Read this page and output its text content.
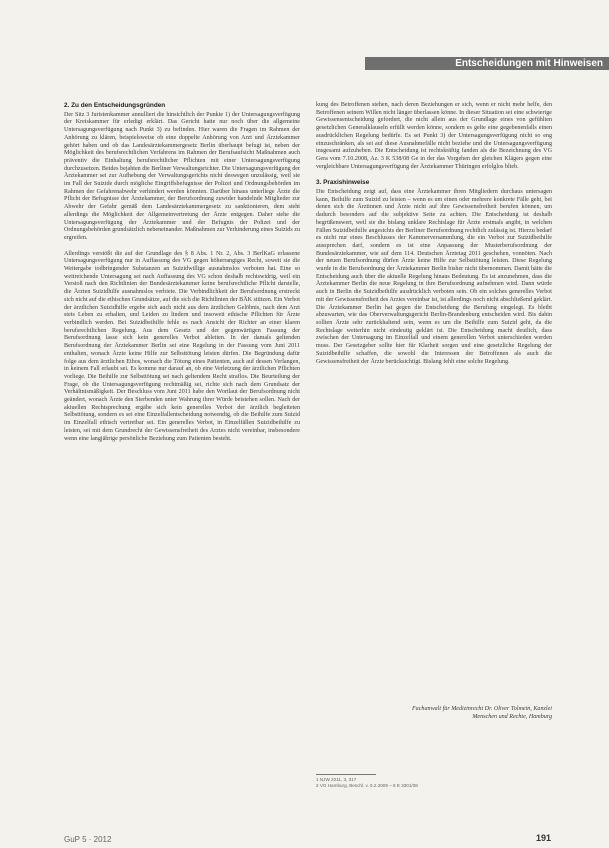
Entscheidungen mit Hinweisen
2. Zu den Entscheidungsgründen

Der Sitz 3 Juristenkammer annulliert die hinsichtlich der Punkte 1) der Untersagungsverfügung der Kreiskammer für erledigt erklärt. Das Gericht hatte nur noch über die allgemeine Untersagungsverfügung nach Punkt 3) zu befinden. Hier waren die Fragen im Rahmen der Anhörung zu klären, beispielsweise ob eine doppelte Anhörung von Arzt und Ärztekammer gehört haben und ob das Landesärztekammergesetz Berlin überhaupt befugt ist, neben der Möglichkeit des berufsrechtlichen Verfahrens im Rahmen der Berufsaufsicht Maßnahmen auch präventiv die Einhaltung berufsrechtlicher Pflichten mit einer Untersagungsverfügung durchzusetzen. Beides bejahten die Berliner Verwaltungsrichter. Die Untersagungsverfügung der Ärztekammer sei zur Aufhebung der Verwaltungsgerichts nicht deswegen unzulässig, weil sie im Fall der Suizide durch mögliche Eingriffsbefugnisse der Polizei und Ordnungsbehörden im Rahmen der Gefahrenabwehr verhindert werden könnten. Darüber hinaus unterliege Ärzte die Pflicht der Befugnisse der Ärztekammer, der Berufsordnung zuwider handelnde Mitglieder zur Abwehr der Gefahr gemäß dem Landesärztekammergesetz zu sanktionieren, dem steht allerdings die Möglichkeit der Allgemeinvertretung der Ärzte entgegen. Daher stehe die Untersagungsverfügung der Ärztekammer und der Befugnis der Polizei und der Ordnungsbehörden grundsätzlich nebeneinander. Maßnahmen zur Verhinderung eines Suizids zu ergreifen.

Allerdings verstößt die auf der Grundlage des § 8 Abs. 1 Nr. 2, Abs. 3 BerlKaG erlassene Untersagungsverfügung nur in Auffassung des VG gegen höherrangiges Recht, soweit sie die Weitergabe todbringender Substanzen an Suizidwillige ausnahmslos verboten hat. Eine so weitreichende Untersagung sei nach Auffassung des VG schon deshalb rechtswidrig, weil ein Verstoß nach den Richtlinien der Bundesärztekammer keine berufsrechtliche Pflicht darstelle, die Ärzten Suizidhilfe ausnahmslos verbiete. Die Verbindlichkeit der Berufsordnung erstreckt sich nicht auf die ethischen Grundsätze, auf die sich die Richtlinien der BÄK stützen. Ein Verbot der ärztlichen Suizidhilfe ergebe sich auch nicht aus dem ärztlichen Gelöbnis, nach dem Arzt stets Leben zu erhalten, und Leiden zu lindern und insoweit ethische Pflichten für Ärzte verbindlich werden. Bei Suizidbeihilfe fehle es nach Ansicht der Richter an einer klaren berufsrechtlichen Regelung. Aus dem Gesetz und der gegenwärtigen Fassung der Berufsordnung lasse sich kein generelles Verbot ableiten. In der damals geltenden Berufsordnung der Ärztekammer Berlin sei eine Regelung in der Fassung vom Juni 2011 enthalten, wonach Ärzte keine Hilfe zur Selbsttötung leisten dürfen. Die Begründung dafür folge aus dem ärztlichen Ethos, wonach die Tötung eines Patienten, auch auf dessen Verlangen, in keinem Fall erlaubt sei. Es komme nur darauf an, ob eine Verletzung der ärztlichen Pflichten vorliege. Die Beihilfe zur Selbsttötung sei nach geltendem Recht straflos. Die Beurteilung der Frage, ob die Untersagungsverfügung rechtmäßig sei, richte sich nach dem Grundsatz der Verhältnismäßigkeit. Der Beschluss vom Juni 2011 habe den Wortlaut der Berufsordnung nicht geändert, wonach Ärzte den Sterbenden unter Wahrung ihrer Würde beistehen sollen. Nach der aktuellen Rechtsprechung ergäbe sich kein generelles Verbot der ärztlich begleiteten Selbsttötung, sondern es sei eine Einzelfallentscheidung notwendig, ob die Beihilfe zum Suizid im Einzelfall ethisch vertretbar sei. Ein generelles Verbot, in Einzelfällen Suizidbeihilfe zu leisten, sei mit dem Grundrecht der Gewissensfreiheit des Arztes nicht vereinbar, insbesondere wenn eine langjährige persönliche Beziehung zum Patienten besteht.

kung des Betroffenen stehen, nach deren Beziehungen er sich, wenn er nicht mehr helfe, den Betroffenen seinem Willen nicht länger überlassen könne. In dieser Situation sei eine schwierige Gewissensentscheidung gefordert, die nicht allein aus der Grundlage eines von gefühlten gesetzlichen Generalklauseln erfüllt werden könne, sondern es gelte eine gegebenenfalls einen ausdrücklichen Regelung bedürfe. Es sei Punkt 3) der Untersagungsverfügung nicht so eng einzuschränken, als sei auf diese Ausnahmefälle nicht beziehe und die Untersagungsverfügung insgesamt aufzuheben. Die Entscheidung ist rechtskräftig fanden als die Bezeichnung des VG Gera vom 7.10.2008, Az. 3 K 538/08 Ge in der das Vorgehen der gleichen Klägers gegen eine vergleichbare Untersagungsverfügung der Ärztekammer Thüringen erfolglos blieb.

3. Praxishinweise

Die Entscheidung zeigt auf, dass eine Ärztekammer ihren Mitgliedern durchaus untersagen kann, Beihilfe zum Suizid zu leisten – wenn es um einen oder mehrere konkrete Fälle geht, bei denen sich die Ärztinnen und Ärzte nicht auf ihre Gewissensfreiheit berufen können, um dadurch besonders auf die subjektive Seite zu achten. Die Entscheidung ist deshalb begrüßenswert, weil sie die bislang unklare Rechtslage für Ärzte erstmals angibt, in welchen Fällen Suizidbeihilfe angesichts der Berliner Berufsordnung rechtlich zulässig ist. Hierzu bedarf es nicht nur eines Beschlusses der Kammerversammlung, die ein Verbot zur Suizidbeihilfe aussprechen darf, sondern es ist eine Anpassung der Musterberufsordnung der Bundesärztekammer, wie auf dem 114. Deutschen Ärztetag 2011 geschehen, vonnöten. Nach der neuen Berufsordnung dürfen Ärzte keine Hilfe zur Selbsttötung leisten. Diese Regelung wurde in die Berufsordnung der Ärztekammer Berlin bisher nicht übernommen. Damit hätte die Entscheidung auch über die aktuelle Regelung hinaus Bedeutung. Es ist anzunehmen, dass die Ärztekammer Berlin die neue Regelung in ihre Berufsordnung aufnehmen wird. Dann würde auch in Berlin die Suizidbeihilfe ausdrücklich verboten sein. Ob ein solches generelles Verbot mit der Gewissensfreiheit des Arztes vereinbar ist, ist allerdings noch nicht abschließend geklärt. Die Ärztekammer Berlin hat gegen die Entscheidung die Berufung eingelegt. Es bleibt abzuwarten, wie das Oberverwaltungsgericht Berlin-Brandenburg entscheiden wird. Bis dahin sollten Ärzte sehr zurückhaltend sein, wenn es um die Beihilfe zum Suizid geht, da die Rechtslage weiterhin nicht eindeutig geklärt ist. Die Entscheidung macht deutlich, dass zwischen der Untersagung im Einzelfall und einem generellen Verbot unterschieden werden muss. Der Gesetzgeber sollte hier für Klarheit sorgen und eine gesetzliche Regelung der Suizidbeihilfe schaffen, die sowohl die Interessen der Betroffenen als auch die Gewissensfreiheit der Ärzte berücksichtigt. Bislang fehlt eine solche Regelung.

Fachanwalt für Medizinrecht Dr. Oliver Tolmein, Kanzlei
Menschen und Rechte, Hamburg
1 NJW 2011, 3, 317
2 VG Hamburg, Beschl. v. 6.2.2009 – 8 E 3301/08
GuP 5 · 2012	191
